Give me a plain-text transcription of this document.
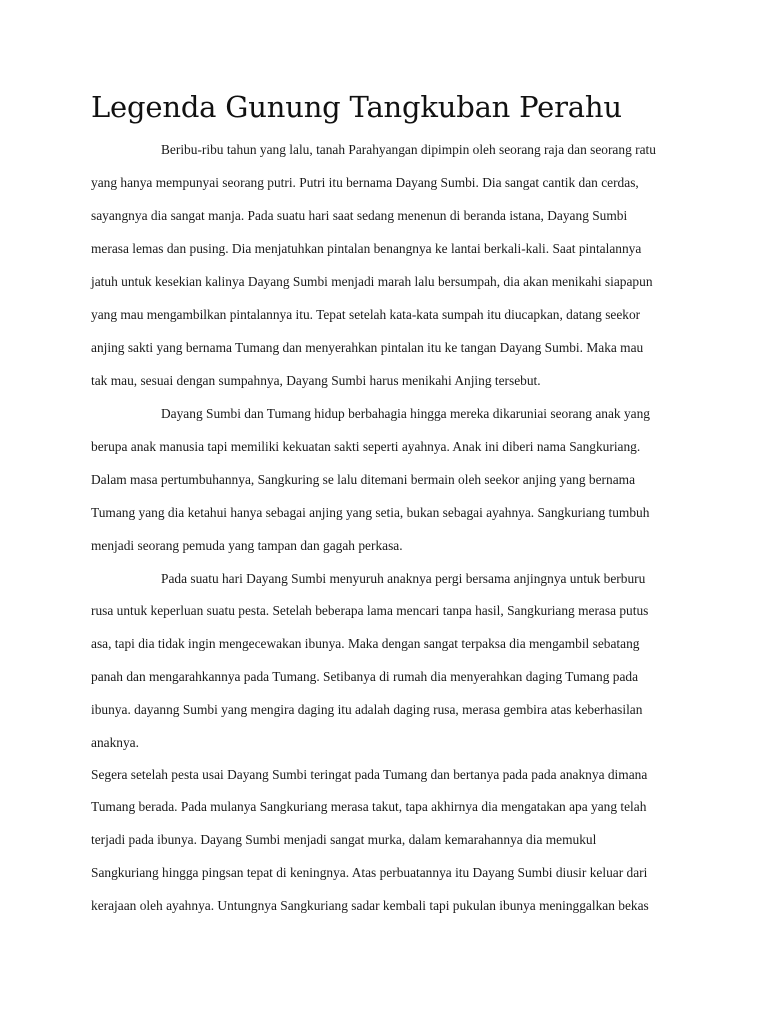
Legenda Gunung Tangkuban Perahu
Beribu-ribu tahun yang lalu, tanah Parahyangan dipimpin oleh seorang raja dan seorang ratu
yang hanya mempunyai seorang putri. Putri itu bernama Dayang Sumbi. Dia sangat cantik dan cerdas,
sayangnya dia sangat manja. Pada suatu hari saat sedang menenun di beranda istana, Dayang Sumbi
merasa lemas dan pusing. Dia menjatuhkan pintalan benangnya ke lantai berkali-kali. Saat pintalannya
jatuh untuk kesekian kalinya Dayang Sumbi menjadi marah lalu bersumpah, dia akan menikahi siapapun
yang mau mengambilkan pintalannya itu. Tepat setelah kata-kata sumpah itu diucapkan, datang seekor
anjing sakti yang bernama Tumang dan menyerahkan pintalan itu ke tangan Dayang Sumbi. Maka mau
tak mau, sesuai dengan sumpahnya, Dayang Sumbi harus menikahi Anjing tersebut.
Dayang Sumbi dan Tumang hidup berbahagia hingga mereka dikaruniai seorang anak yang
berupa anak manusia tapi memiliki kekuatan sakti seperti ayahnya. Anak ini diberi nama Sangkuriang.
Dalam masa pertumbuhannya, Sangkuring se lalu ditemani bermain oleh seekor anjing yang bernama
Tumang yang dia ketahui hanya sebagai anjing yang setia, bukan sebagai ayahnya. Sangkuriang tumbuh
menjadi seorang pemuda yang tampan dan gagah perkasa.
Pada suatu hari Dayang Sumbi menyuruh anaknya pergi bersama anjingnya untuk berburu
rusa untuk keperluan suatu pesta. Setelah beberapa lama mencari tanpa hasil, Sangkuriang merasa putus
asa, tapi dia tidak ingin mengecewakan ibunya. Maka dengan sangat terpaksa dia mengambil sebatang
panah dan mengarahkannya pada Tumang. Setibanya di rumah dia menyerahkan daging Tumang pada
ibunya. dayanng Sumbi yang mengira daging itu adalah daging rusa, merasa gembira atas keberhasilan
anaknya.
Segera setelah pesta usai Dayang Sumbi teringat pada Tumang dan bertanya pada pada anaknya dimana
Tumang berada. Pada mulanya Sangkuriang merasa takut, tapa akhirnya dia mengatakan apa yang telah
terjadi pada ibunya. Dayang Sumbi menjadi sangat murka, dalam kemarahannya dia memukul
Sangkuriang hingga pingsan tepat di keningnya. Atas perbuatannya itu Dayang Sumbi diusir keluar dari
kerajaan oleh ayahnya. Untungnya Sangkuriang sadar kembali tapi pukulan ibunya meninggalkan bekas
